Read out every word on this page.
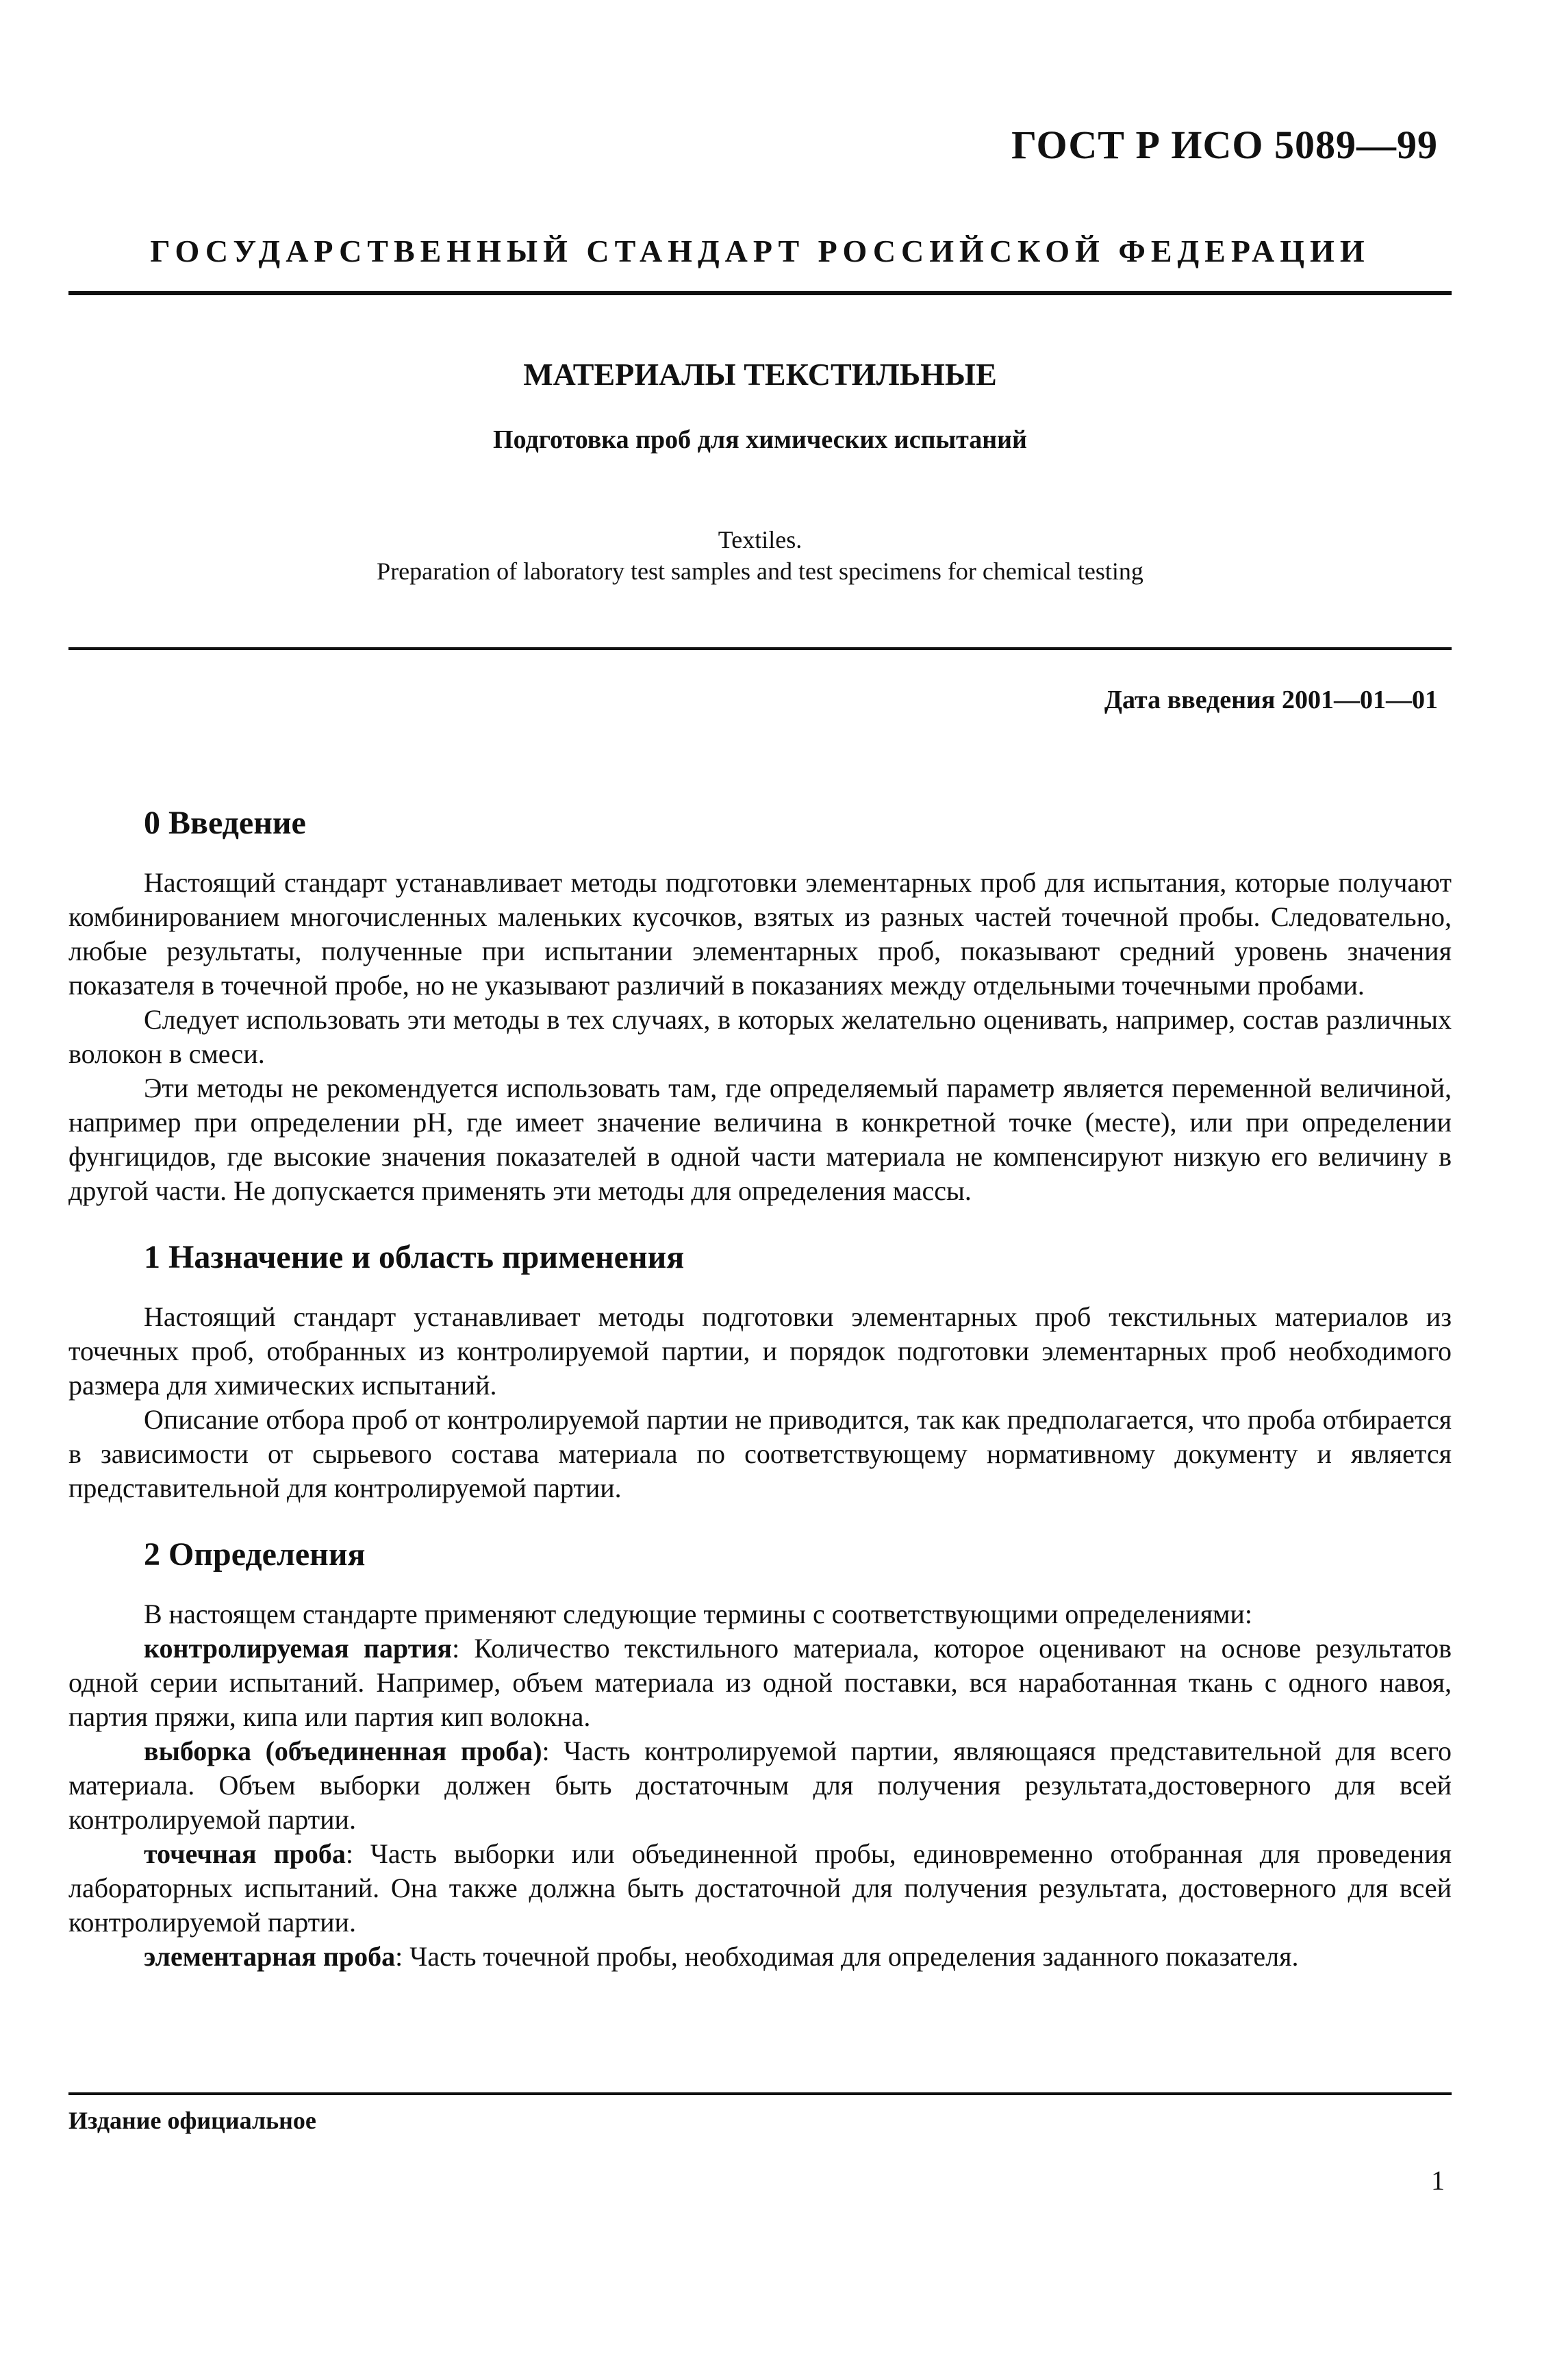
ГОСТ Р ИСО 5089—99
ГОСУДАРСТВЕННЫЙ СТАНДАРТ РОССИЙСКОЙ ФЕДЕРАЦИИ
МАТЕРИАЛЫ ТЕКСТИЛЬНЫЕ
Подготовка проб для химических испытаний
Textiles.
Preparation of laboratory test samples and test specimens for chemical testing
Дата введения 2001—01—01
0 Введение

Настоящий стандарт устанавливает методы подготовки элементарных проб для испытания, которые получают комбинированием многочисленных маленьких кусочков, взятых из разных частей точечной пробы. Следовательно, любые результаты, полученные при испытании элементарных проб, показывают средний уровень значения показателя в точечной пробе, но не указывают различий в показаниях между отдельными точечными пробами.

Следует использовать эти методы в тех случаях, в которых желательно оценивать, например, состав различных волокон в смеси.

Эти методы не рекомендуется использовать там, где определяемый параметр является переменной величиной, например при определении pH, где имеет значение величина в конкретной точке (месте), или при определении фунгицидов, где высокие значения показателей в одной части материала не компенсируют низкую его величину в другой части. Не допускается применять эти методы для определения массы.

1 Назначение и область применения

Настоящий стандарт устанавливает методы подготовки элементарных проб текстильных материалов из точечных проб, отобранных из контролируемой партии, и порядок подготовки элементарных проб необходимого размера для химических испытаний.

Описание отбора проб от контролируемой партии не приводится, так как предполагается, что проба отбирается в зависимости от сырьевого состава материала по соответствующему нормативному документу и является представительной для контролируемой партии.

2 Определения

В настоящем стандарте применяют следующие термины с соответствующими определениями:

контролируемая партия: Количество текстильного материала, которое оценивают на основе результатов одной серии испытаний. Например, объем материала из одной поставки, вся наработанная ткань с одного навоя, партия пряжи, кипа или партия кип волокна.

выборка (объединенная проба): Часть контролируемой партии, являющаяся представительной для всего материала. Объем выборки должен быть достаточным для получения результата,достоверного для всей контролируемой партии.

точечная проба: Часть выборки или объединенной пробы, единовременно отобранная для проведения лабораторных испытаний. Она также должна быть достаточной для получения результата, достоверного для всей контролируемой партии.

элементарная проба: Часть точечной пробы, необходимая для определения заданного показателя.

Издание официальное
1
